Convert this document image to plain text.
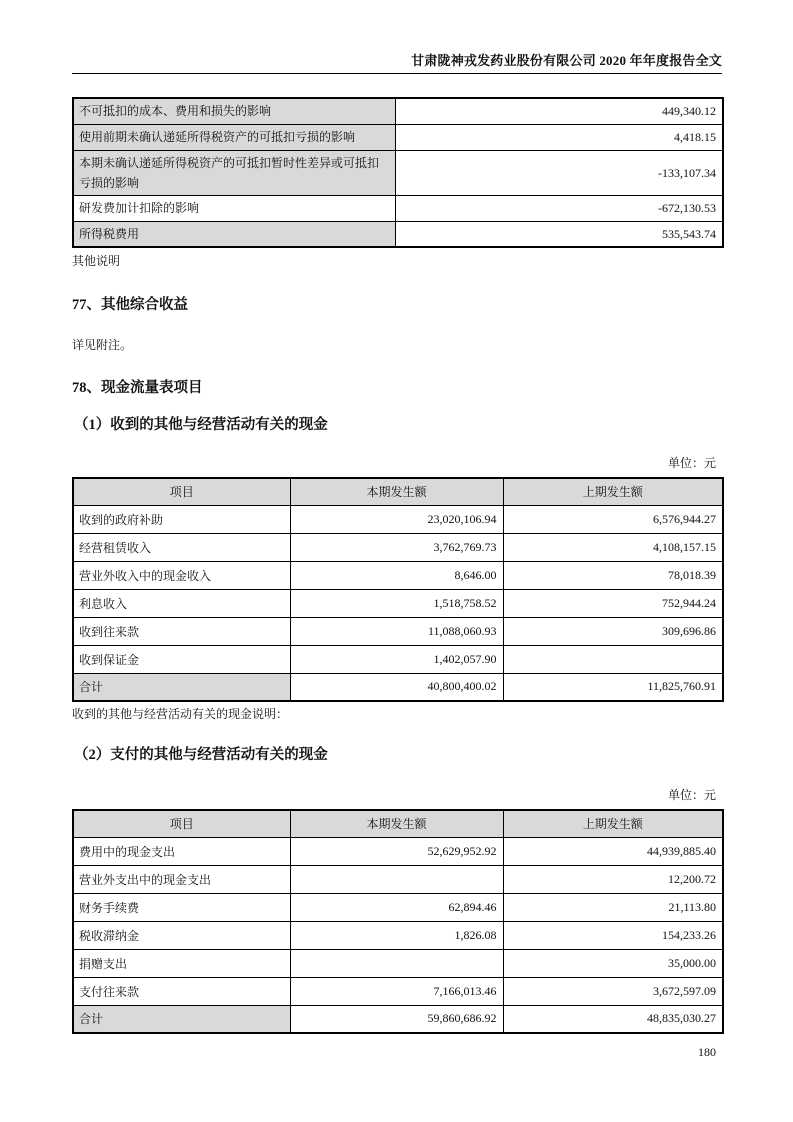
甘肃陇神戎发药业股份有限公司 2020 年年度报告全文
不可抵扣的成本、费用和损失的影响	449,340.12
使用前期未确认递延所得税资产的可抵扣亏损的影响	4,418.15
本期未确认递延所得税资产的可抵扣暂时性差异或可抵扣亏损的影响	-133,107.34
研发费加计扣除的影响	-672,130.53
所得税费用	535,543.74
其他说明
77、其他综合收益
详见附注。
78、现金流量表项目
（1）收到的其他与经营活动有关的现金
单位：元
项目	本期发生额	上期发生额
收到的政府补助	23,020,106.94	6,576,944.27
经营租赁收入	3,762,769.73	4,108,157.15
营业外收入中的现金收入	8,646.00	78,018.39
利息收入	1,518,758.52	752,944.24
收到往来款	11,088,060.93	309,696.86
收到保证金	1,402,057.90	
合计	40,800,400.02	11,825,760.91
收到的其他与经营活动有关的现金说明：
（2）支付的其他与经营活动有关的现金
单位：元
项目	本期发生额	上期发生额
费用中的现金支出	52,629,952.92	44,939,885.40
营业外支出中的现金支出		12,200.72
财务手续费	62,894.46	21,113.80
税收滞纳金	1,826.08	154,233.26
捐赠支出		35,000.00
支付往来款	7,166,013.46	3,672,597.09
合计	59,860,686.92	48,835,030.27
180
